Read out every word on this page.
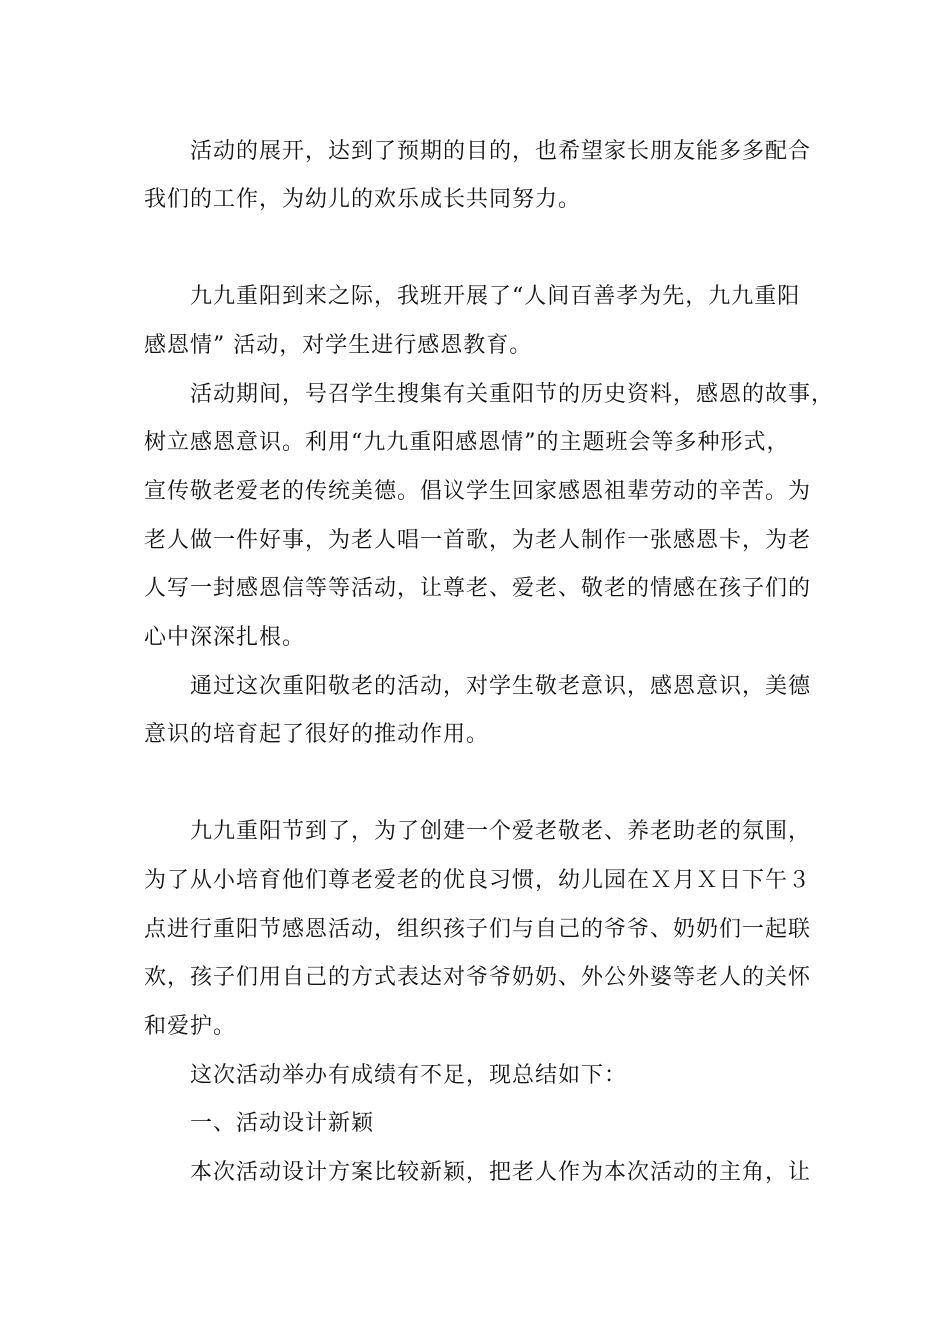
活动的展开，达到了预期的目的，也希望家长朋友能多多配合
我们的工作，为幼儿的欢乐成长共同努力。
九九重阳到来之际，我班开展了“人间百善孝为先，九九重阳
感恩情” 活动，对学生进行感恩教育。
活动期间，号召学生搜集有关重阳节的历史资料，感恩的故事，
树立感恩意识。利用“九九重阳感恩情”的主题班会等多种形式，
宣传敬老爱老的传统美德。倡议学生回家感恩祖辈劳动的辛苦。为
老人做一件好事，为老人唱一首歌，为老人制作一张感恩卡，为老
人写一封感恩信等等活动，让尊老、爱老、敬老的情感在孩子们的
心中深深扎根。
通过这次重阳敬老的活动，对学生敬老意识，感恩意识，美德
意识的培育起了很好的推动作用。
九九重阳节到了，为了创建一个爱老敬老、养老助老的氛围，
为了从小培育他们尊老爱老的优良习惯，幼儿园在Ｘ月Ｘ日下午３
点进行重阳节感恩活动，组织孩子们与自己的爷爷、奶奶们一起联
欢，孩子们用自己的方式表达对爷爷奶奶、外公外婆等老人的关怀
和爱护。
这次活动举办有成绩有不足，现总结如下：
一、活动设计新颖
本次活动设计方案比较新颖，把老人作为本次活动的主角，让
